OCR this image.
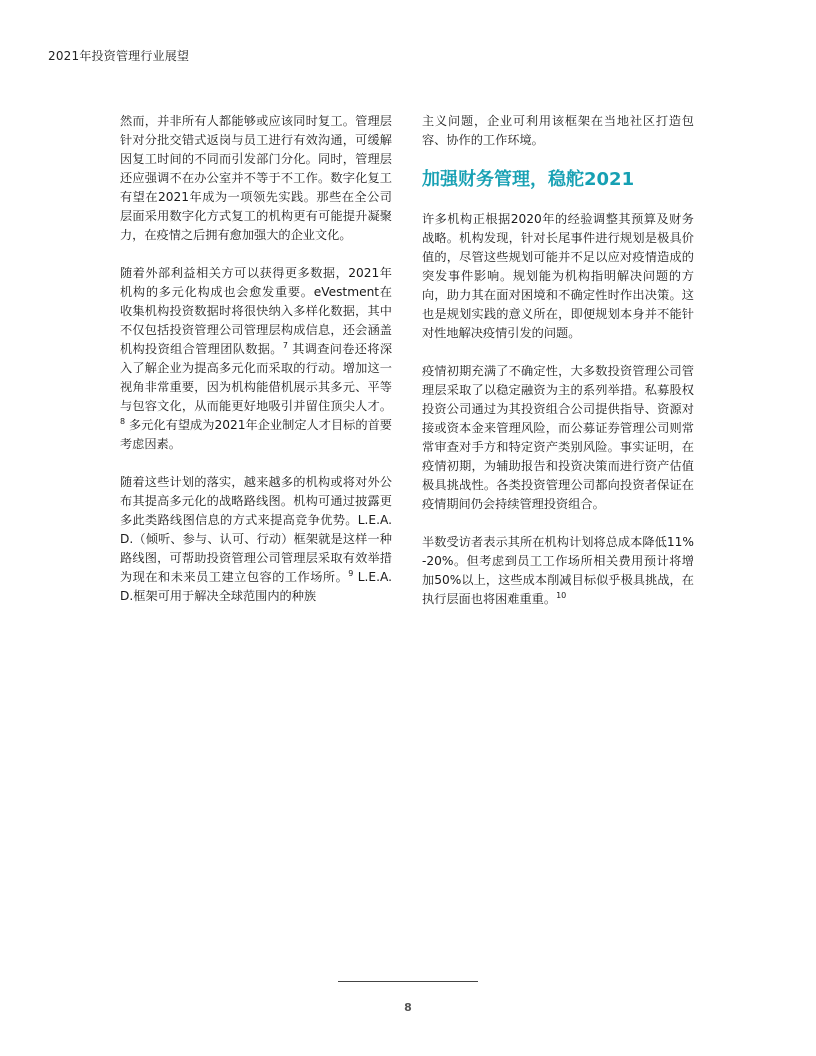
2021年投资管理行业展望

然而，并非所有人都能够或应该同时复工。管理层针对分批交错式返岗与员工进行有效沟通，可缓解因复工时间的不同而引发部门分化。同时，管理层还应强调不在办公室并不等于不工作。数字化复工有望在2021年成为一项领先实践。那些在全公司层面采用数字化方式复工的机构更有可能提升凝聚力，在疫情之后拥有愈加强大的企业文化。

随着外部利益相关方可以获得更多数据，2021年机构的多元化构成也会愈发重要。eVestment在收集机构投资数据时将很快纳入多样化数据，其中不仅包括投资管理公司管理层构成信息，还会涵盖机构投资组合管理团队数据。$^7$ 其调查问卷还将深入了解企业为提高多元化而采取的行动。增加这一视角非常重要，因为机构能借机展示其多元、平等与包容文化，从而能更好地吸引并留住顶尖人才。$^8$ 多元化有望成为2021年企业制定人才目标的首要考虑因素。

随着这些计划的落实，越来越多的机构或将对外公布其提高多元化的战略路线图。机构可通过披露更多此类路线图信息的方式来提高竞争优势。L.E.A.D.（倾听、参与、认可、行动）框架就是这样一种路线图，可帮助投资管理公司管理层采取有效举措为现在和未来员工建立包容的工作场所。$^9$ L.E.A.D.框架可用于解决全球范围内的种族

主义问题，企业可利用该框架在当地社区打造包容、协作的工作环境。

加强财务管理，稳舵2021

许多机构正根据2020年的经验调整其预算及财务战略。机构发现，针对长尾事件进行规划是极具价值的，尽管这些规划可能并不足以应对疫情造成的突发事件影响。规划能为机构指明解决问题的方向，助力其在面对困境和不确定性时作出决策。这也是规划实践的意义所在，即便规划本身并不能针对性地解决疫情引发的问题。

疫情初期充满了不确定性，大多数投资管理公司管理层采取了以稳定融资为主的系列举措。私募股权投资公司通过为其投资组合公司提供指导、资源对接或资本金来管理风险，而公募证券管理公司则常常审查对手方和特定资产类别风险。事实证明，在疫情初期，为辅助报告和投资决策而进行资产估值极具挑战性。各类投资管理公司都向投资者保证在疫情期间仍会持续管理投资组合。

半数受访者表示其所在机构计划将总成本降低11%-20%。但考虑到员工工作场所相关费用预计将增加50%以上，这些成本削减目标似乎极具挑战，在执行层面也将困难重重。$^{10}$

8
